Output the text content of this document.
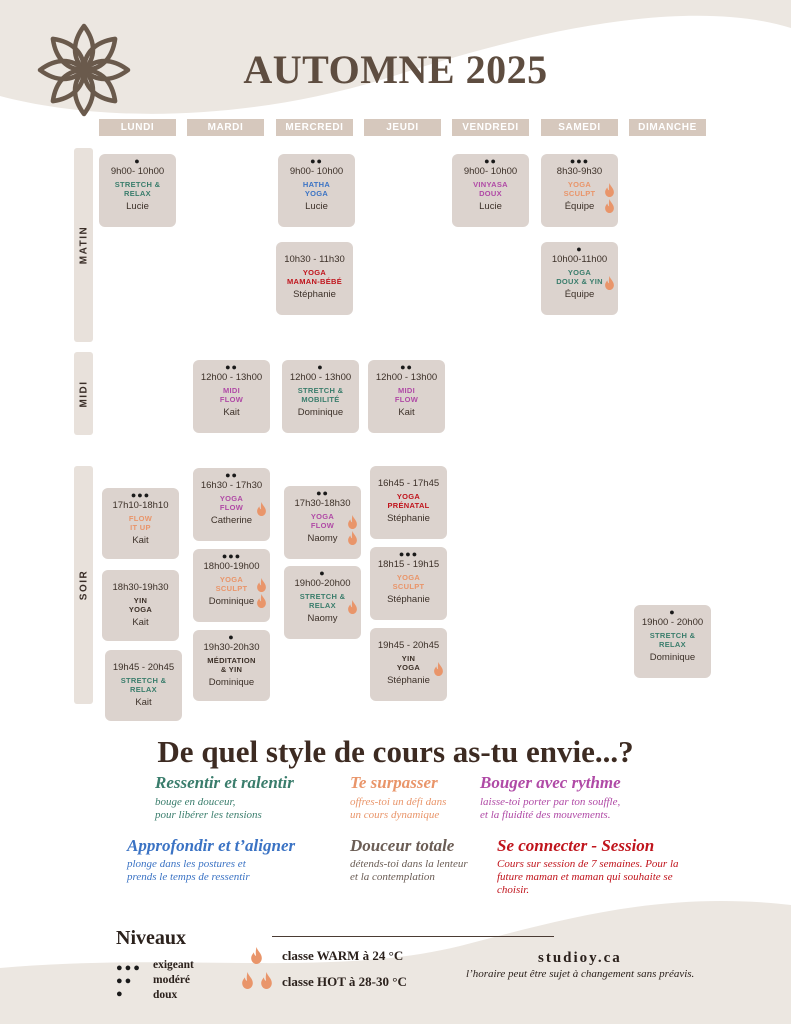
AUTOMNE 2025
LUNDI	MARDI	MERCREDI	JEUDI	VENDREDI	SAMEDI	DIMANCHE
MATIN
MIDI
SOIR
●
9h00- 10h00
STRETCH &
RELAX
Lucie
●●
9h00- 10h00
HATHA
YOGA
Lucie
●●
9h00- 10h00
VINYASA
DOUX
Lucie
●●●
8h30-9h30
YOGA
SCULPT
Équipe
10h30 - 11h30
YOGA
MAMAN-BÉBÉ
Stéphanie
●
10h00-11h00
YOGA
DOUX & YIN
Équipe
●●
12h00 - 13h00
MIDI
FLOW
Kait
●
12h00 - 13h00
STRETCH &
MOBILITÉ
Dominique
●●
12h00 - 13h00
MIDI
FLOW
Kait
●●●
17h10-18h10
FLOW
IT UP
Kait
18h30-19h30
YIN
YOGA
Kait
19h45 - 20h45
STRETCH &
RELAX
Kait
●●
16h30 - 17h30
YOGA
FLOW
Catherine
●●●
18h00-19h00
YOGA
SCULPT
Dominique
●
19h30-20h30
MÉDITATION
& YIN
Dominique
●●
17h30-18h30
YOGA
FLOW
Naomy
●
19h00-20h00
STRETCH &
RELAX
Naomy
16h45 - 17h45
YOGA
PRÉNATAL
Stéphanie
●●●
18h15 - 19h15
YOGA
SCULPT
Stéphanie
19h45 - 20h45
YIN
YOGA
Stéphanie
●
19h00 - 20h00
STRETCH &
RELAX
Dominique
De quel style de cours as-tu envie...?
Ressentir et ralentir
bouge en douceur,
pour libérer les tensions
Te surpasser
offres-toi un défi dans
un cours dynamique
Bouger avec rythme
laisse-toi porter par ton souffle,
et la fluidité des mouvements.
Approfondir et t’aligner
plonge dans les postures et
prends le temps de ressentir
Douceur totale
détends-toi dans la lenteur
et la contemplation
Se connecter - Session
Cours sur session de 7 semaines. Pour la
future maman et maman qui souhaite se
choisir.
Niveaux
●●● exigeant
●● modéré
● doux
classe WARM à 24 °C
classe HOT à 28-30 °C
studioy.ca
l’horaire peut être sujet à changement sans préavis.
